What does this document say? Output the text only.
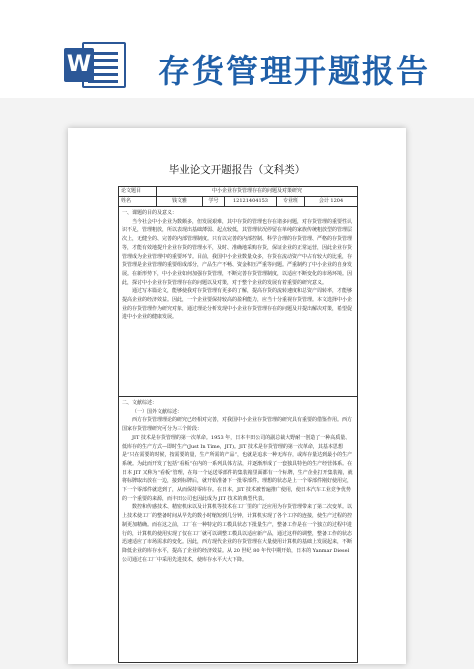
W 存货管理开题报告
毕业论文开题报告（文科类）
论文题目	中小企业存货管理存在的问题及对策研究
姓名	钱文雅	学号	12121404153	专业班	会计 1204

一、课题的目的及意义：

当今社会中小企业为数颇多，但发展艰难，其中存货的管理也存在诸多问题，对存货管理的重要性认识不足，管理粗放，所以表现出基础薄弱、起点较低，其管理状况停留在单纯的家族传统粗放型的管理层次上，无健全的、完善的内部管理制度。只有以完善的内部控制、科学合理的存货管理、严格的存货管理等，才能有效地提升企业存货的管理水平，及时、准确地采购存货，保证企业的正常运营，因此企业存货管理成为企业管理中的重要环节。目前，我国中小企业数量众多，存货在流动资产中占有较大的比重，存货管理是企业管理的重要组成部分，产品生产不畅、资金积压严重等问题。严重制约了中小企业的自身发展。在新形势下，中小企业如何加强存货管理，不断完善存货管理制度，以适应不断变化的市场环境。因此，探讨中小企业存货管理存在的问题以及对策，对于整个企业的发展有着重要的研究意义。

通过写本篇论文，能够使我对存货管理有更多的了解，提高存货的流转速度和总资产周转率，才能够提高企业的经济效益。因此，一个企业要保持较高的盈利能力，应当十分重视存货管理。本文选择中小企业的存货管理作为研究对象，通过理论分析发现中小企业存货管理存在的问题及并提出解决对策，希望促进中小企业的健康发展。

二、文献综述：

（一）国外文献综述：

西方存货管理理论的研究已经相对完善，对我国中小企业存货管理的研究具有重要的借鉴作用。西方国家存货管理研究可分为三个阶段：

JIT 技术是存货管理的第一次革命。1953 年，日本丰田公司的副总裁大野耐一创造了一种高质量、低库存的生产方式—即时生产(Just In Time，JIT)。JIT 技术是存货管理的第一次革命，其基本思想是“只在需要的时候，按需要的量，生产所需的产品”，也就是追求一种无库存，或库存量达到最小的生产系统。为此而开发了包括“看板”在内的一系列具体方法，并逐渐形成了一套独具特色的生产经营体系。在日本 JIT 又称为“看板”管理，在每一个运送零部件的集装箱里面都有一个标牌，生产企业打开集装箱，就将标牌取出放在一边，接到标牌后，就开始准备下一批零部件。理想的状态是上一个零部件刚好使用完，下一个零部件就送到了，从而保持零库存。在日本，JIT 技术被普遍推广使用，使日本汽车工业竞争优势的一个重要的来源，而丰田公司也因此成为 JIT 技术的典型代表。

数控和传感技术、精密机床以及计算机等技术在工厂里的广泛应用为存货管理带来了第二次变革。以上技术使工厂的整备时间从早先的数小时缩短到几分钟，计算机实现了各个工序的连接，使生产过程的控制更加精确。而在这之前，工厂在一种特定的工模具状态下批量生产，整备工作是在一个独立的过程中进行的，计算机的使用实现了仅在工厂就可以调整工模具以适应新产品，通过这样的调整，整备工作的状态迅速适应了市场需求的变化。因此，西方现代企业的存货管理在大量使用计算机的基础上发展起来，不断降低企业的库存水平，提高了企业的经济效益。从 20 世纪 80 年代中期开始，日本的 Yanmar Diesel 公司通过在工厂中采用先进技术，使库存水平大大下降。
